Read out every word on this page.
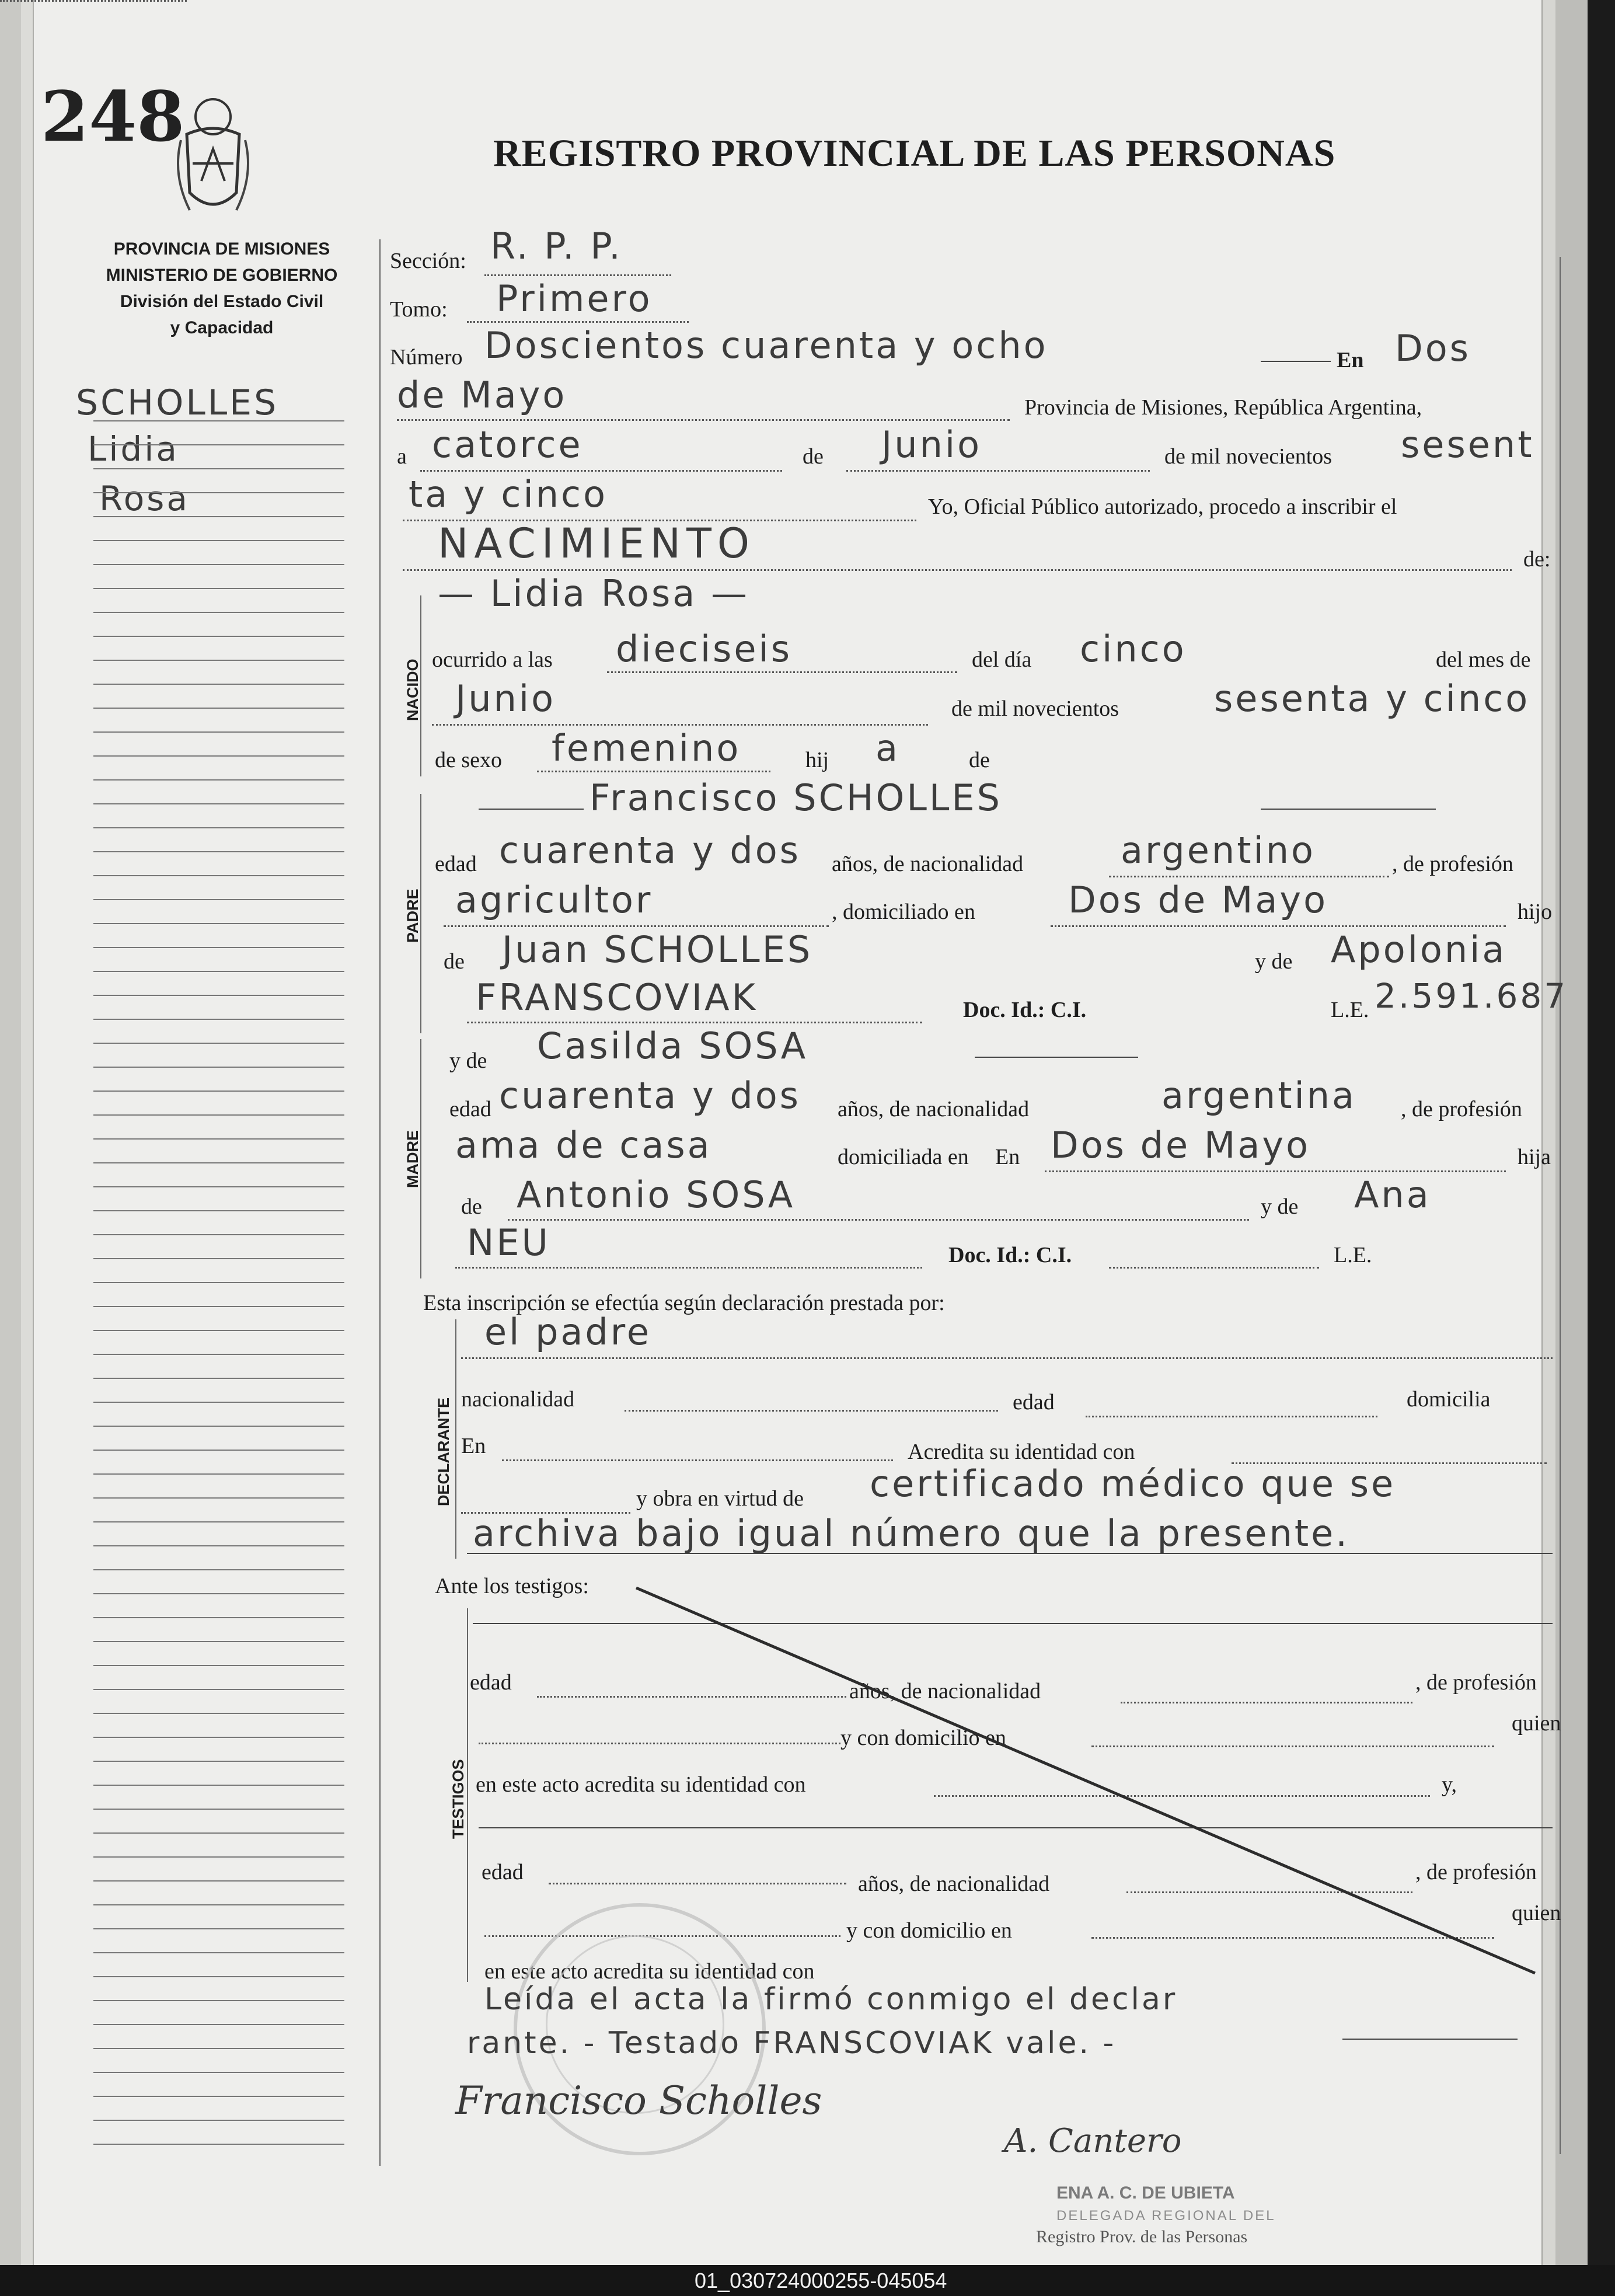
248	REGISTRO PROVINCIAL DE LAS PERSONAS
PROVINCIA DE MISIONES
MINISTERIO DE GOBIERNO
División del Estado Civil
y Capacidad
SCHOLLES
Lidia
Rosa
Sección: R. P. P.
Tomo: Primero
Número Doscientos cuarenta y ocho	En Dos
de Mayo	Provincia de Misiones, República Argentina,
a catorce	de Junio	de mil novecientos sesent
ta y cinco	Yo, Oficial Público autorizado, procedo a inscribir el
NACIMIENTO	de:
NACIDO
— Lidia Rosa —
ocurrido a las dieciseis	del día cinco	del mes de
Junio	de mil novecientos	sesenta y cinco
de sexo femenino	hij a	de
PADRE
Francisco SCHOLLES
edad cuarenta y dos años, de nacionalidad	argentino	, de profesión
agricultor	, domiciliado en	Dos de Mayo	hijo
de Juan SCHOLLES	y de Apolonia
FRANSCOVIAK	Doc. Id.: C.I.	L.E. 2.591.687
MADRE
y de Casilda SOSA
edad cuarenta y dos años, de nacionalidad	argentina , de profesión
ama de casa	domiciliada en En Dos de Mayo	hija
de Antonio SOSA	y de Ana
NEU	Doc. Id.: C.I.	L.E.
Esta inscripción se efectúa según declaración prestada por:
DECLARANTE
el padre
nacionalidad	edad	domicilia
En	Acredita su identidad con
y obra en virtud de certificado médico que se
archiva bajo igual número que la presente.
Ante los testigos:
TESTIGOS
edad	años, de nacionalidad	, de profesión
y con domicilio en
quien
en este acto acredita su identidad con	y,
edad	años, de nacionalidad	, de profesión
y con domicilio en
quien
en este acto acredita su identidad con
Leída el acta la firmó conmigo el declar
rante. - Testado FRANSCOVIAK vale. -
Francisco Scholles
A. Cantero
ENA A. C. DE UBIETA
DELEGADA REGIONAL DEL
Registro Prov. de las Personas
01_030724000255-045054
